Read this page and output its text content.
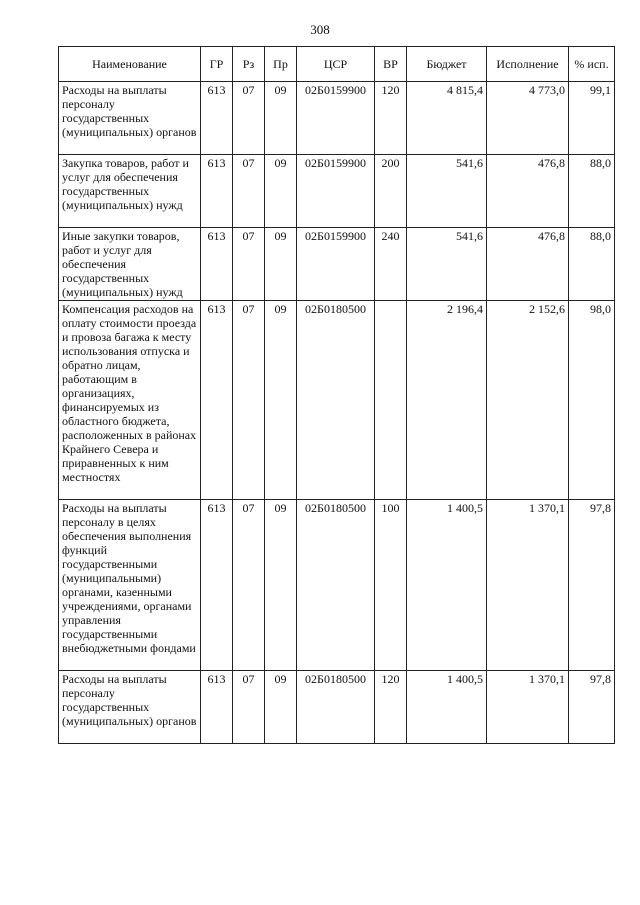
308
Наименование	ГР	Рз	Пр	ЦСР	ВР	Бюджет	Исполнение	% исп.
Расходы на выплаты персоналу государственных (муниципальных) органов	613	07	09	02Б0159900	120	4 815,4	4 773,0	99,1
Закупка товаров, работ и услуг для обеспечения государственных (муниципальных) нужд	613	07	09	02Б0159900	200	541,6	476,8	88,0
Иные закупки товаров, работ и услуг для обеспечения государственных (муниципальных) нужд	613	07	09	02Б0159900	240	541,6	476,8	88,0
Компенсация расходов на оплату стоимости проезда и провоза багажа к месту использования отпуска и обратно лицам, работающим в организациях, финансируемых из областного бюджета, расположенных в районах Крайнего Севера и приравненных к ним местностях	613	07	09	02Б0180500		2 196,4	2 152,6	98,0
Расходы на выплаты персоналу в целях обеспечения выполнения функций государственными (муниципальными) органами, казенными учреждениями, органами управления государственными внебюджетными фондами	613	07	09	02Б0180500	100	1 400,5	1 370,1	97,8
Расходы на выплаты персоналу государственных (муниципальных) органов	613	07	09	02Б0180500	120	1 400,5	1 370,1	97,8
